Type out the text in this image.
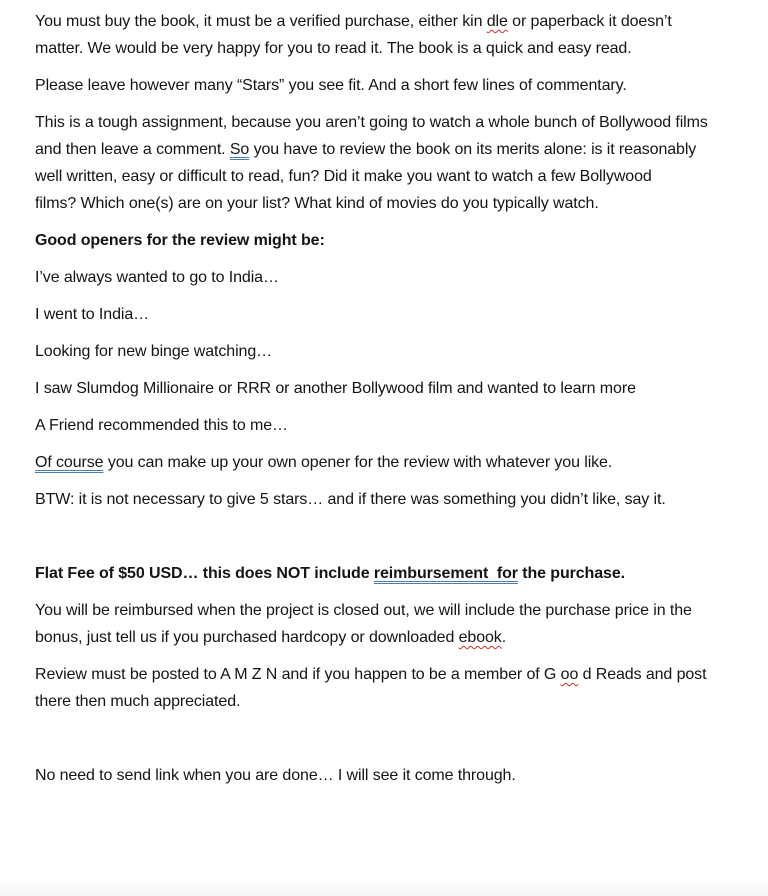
You must buy the book, it must be a verified purchase, either kin dle or paperback it doesn’t
matter. We would be very happy for you to read it. The book is a quick and easy read.
Please leave however many “Stars” you see fit. And a short few lines of commentary.
This is a tough assignment, because you aren’t going to watch a whole bunch of Bollywood films
and then leave a comment. So you have to review the book on its merits alone: is it reasonably
well written, easy or difficult to read, fun? Did it make you want to watch a few Bollywood
films? Which one(s) are on your list? What kind of movies do you typically watch.
Good openers for the review might be:
I’ve always wanted to go to India…
I went to India…
Looking for new binge watching…
I saw Slumdog Millionaire or RRR or another Bollywood film and wanted to learn more
A Friend recommended this to me…
Of course you can make up your own opener for the review with whatever you like.
BTW: it is not necessary to give 5 stars… and if there was something you didn’t like, say it.

Flat Fee of $50 USD… this does NOT include reimbursement  for the purchase.
You will be reimbursed when the project is closed out, we will include the purchase price in the
bonus, just tell us if you purchased hardcopy or downloaded ebook.
Review must be posted to A M Z N and if you happen to be a member of G oo d Reads and post
there then much appreciated.

No need to send link when you are done… I will see it come through.
